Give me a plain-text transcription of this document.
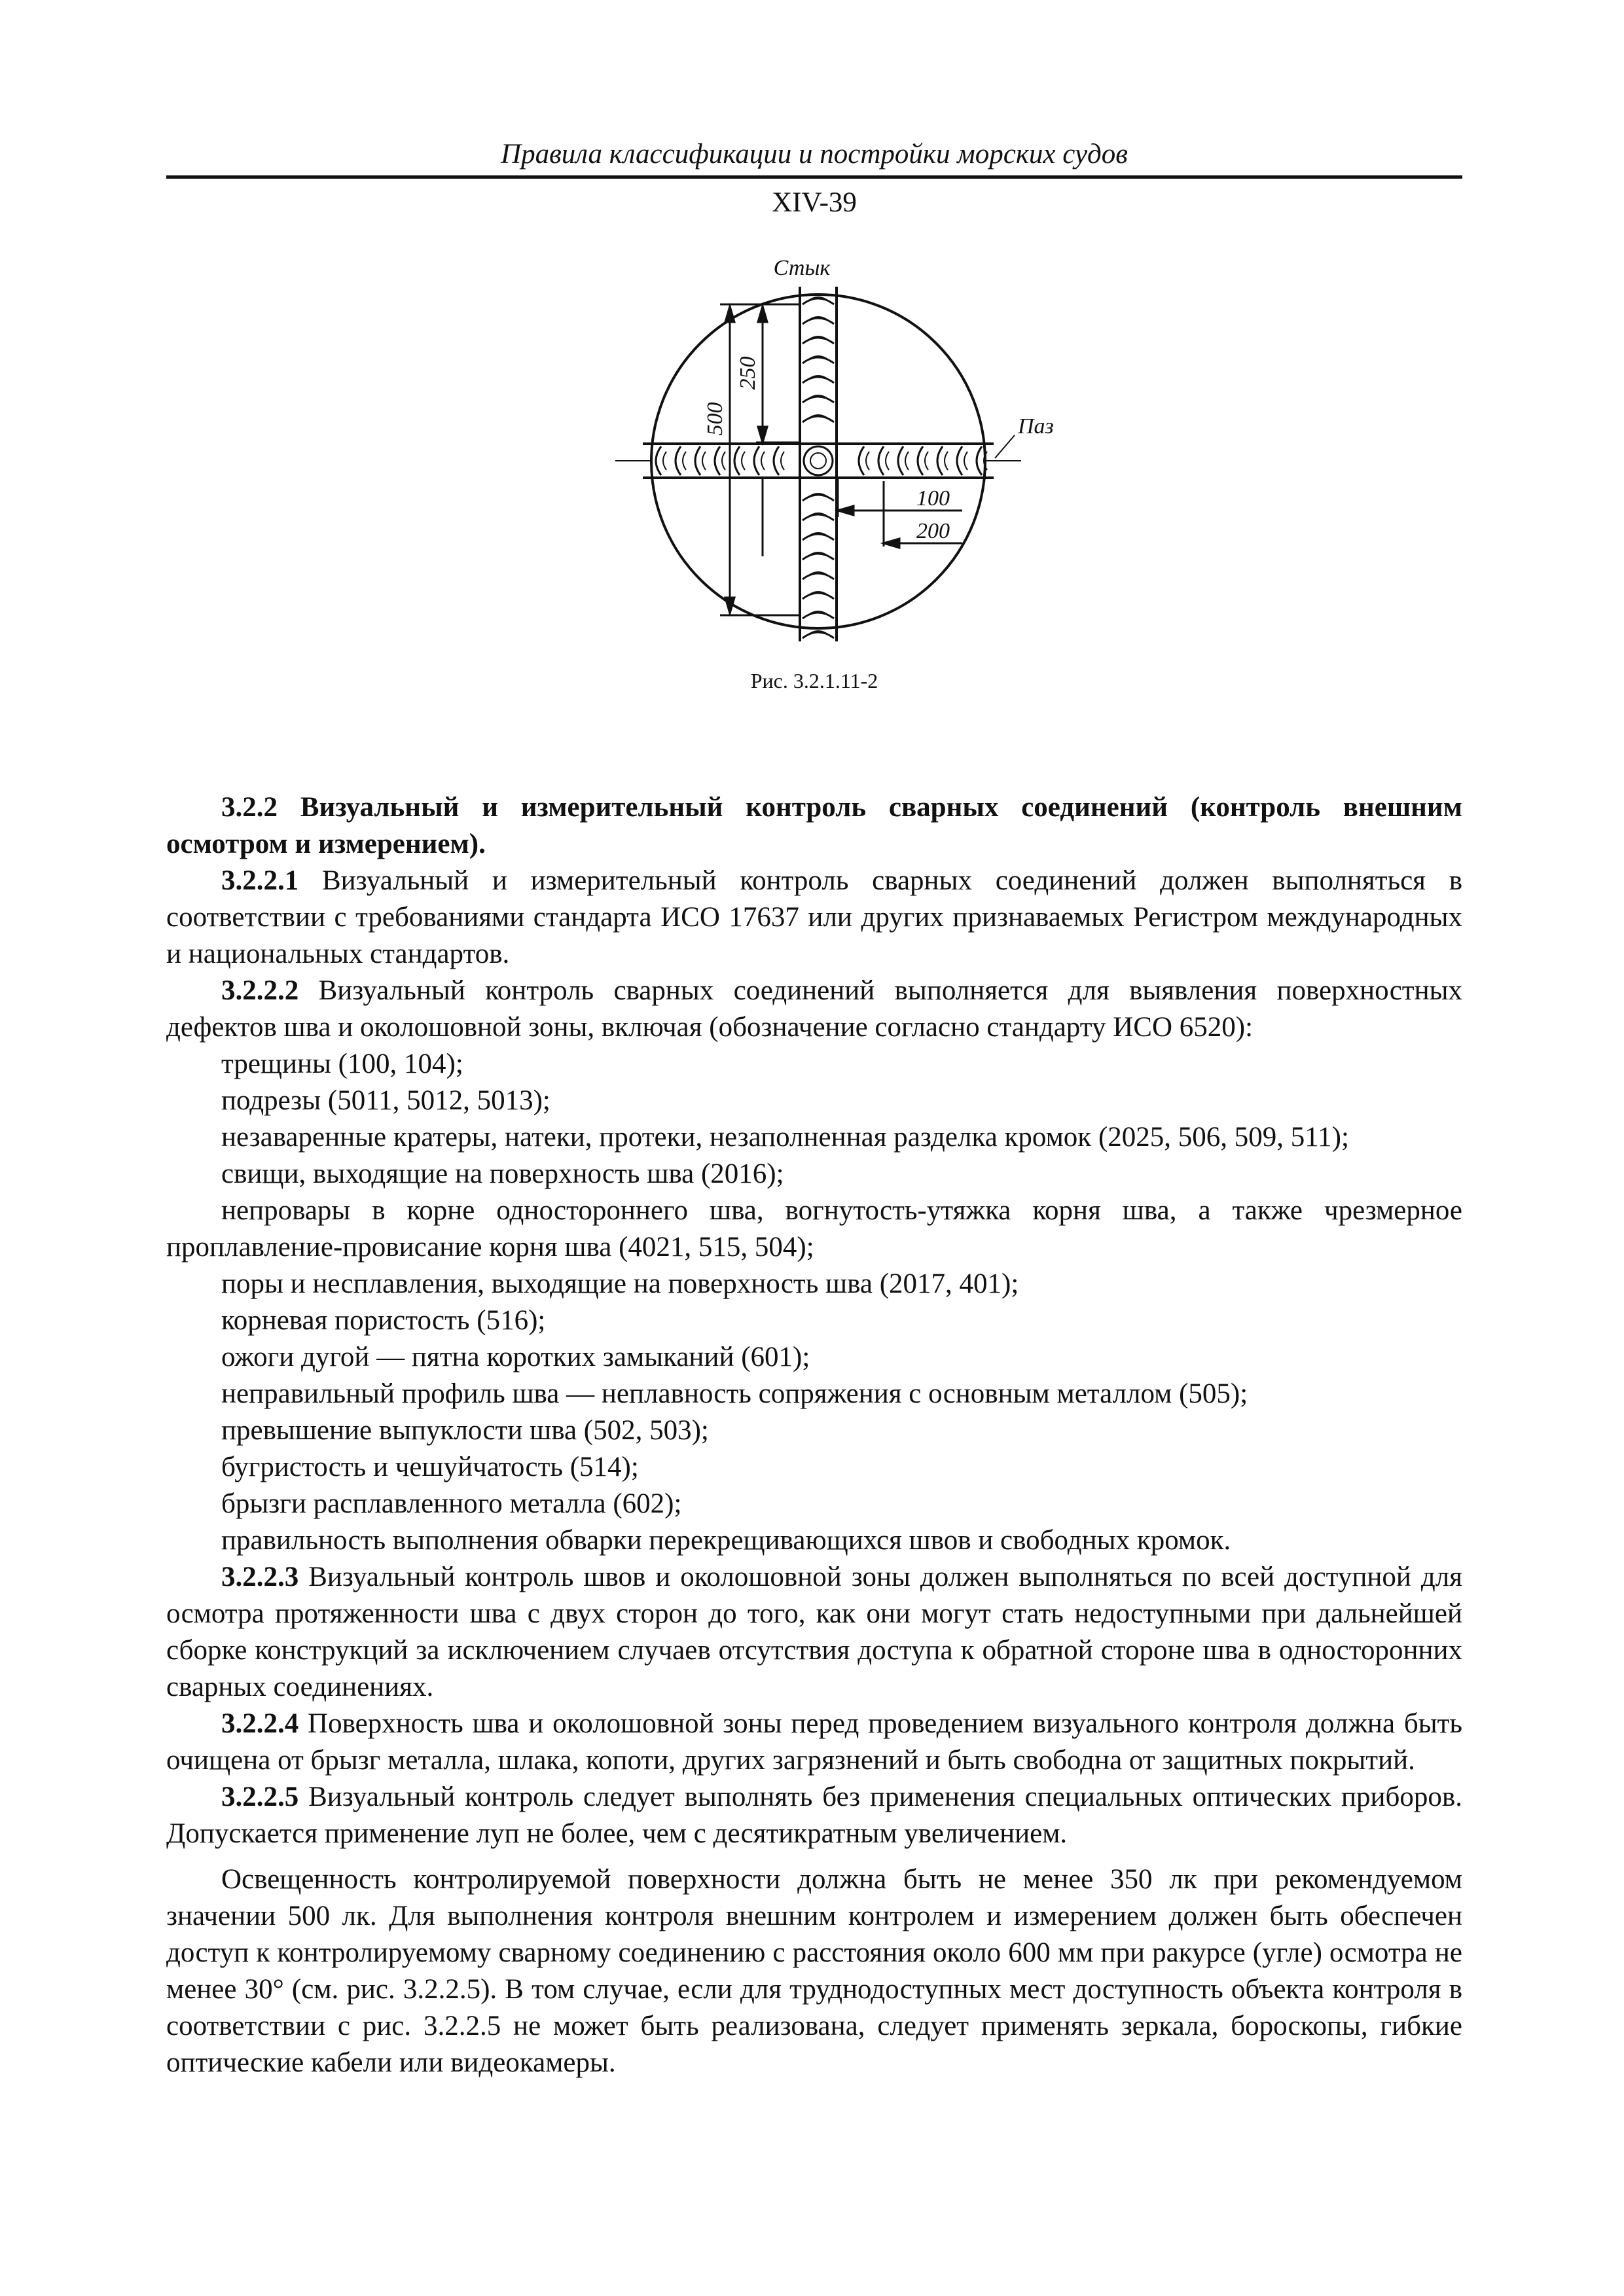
Правила классификации и постройки морских судов
XIV-39
500
250
100
200
Стык
Паз
Рис. 3.2.1.11-2

3.2.2 Визуальный и измерительный контроль сварных соединений (контроль внешним осмотром и измерением).

3.2.2.1 Визуальный и измерительный контроль сварных соединений должен выполняться в соответствии с требованиями стандарта ИСО 17637 или других признаваемых Регистром международных и национальных стандартов.

3.2.2.2 Визуальный контроль сварных соединений выполняется для выявления поверхностных дефектов шва и околошовной зоны, включая (обозначение согласно стандарту ИСО 6520):

трещины (100, 104);

подрезы (5011, 5012, 5013);

незаваренные кратеры, натеки, протеки, незаполненная разделка кромок (2025, 506, 509, 511);

свищи, выходящие на поверхность шва (2016);

непровары в корне одностороннего шва, вогнутость-утяжка корня шва, а также чрезмерное проплавление-провисание корня шва (4021, 515, 504);

поры и несплавления, выходящие на поверхность шва (2017, 401);

корневая пористость (516);

ожоги дугой — пятна коротких замыканий (601);

неправильный профиль шва — неплавность сопряжения с основным металлом (505);

превышение выпуклости шва (502, 503);

бугристость и чешуйчатость (514);

брызги расплавленного металла (602);

правильность выполнения обварки перекрещивающихся швов и свободных кромок.

3.2.2.3 Визуальный контроль швов и околошовной зоны должен выполняться по всей доступной для осмотра протяженности шва с двух сторон до того, как они могут стать недоступными при дальнейшей сборке конструкций за исключением случаев отсутствия доступа к обратной стороне шва в односторонних сварных соединениях.

3.2.2.4 Поверхность шва и околошовной зоны перед проведением визуального контроля должна быть очищена от брызг металла, шлака, копоти, других загрязнений и быть свободна от защитных покрытий.

3.2.2.5 Визуальный контроль следует выполнять без применения специальных оптических приборов. Допускается применение луп не более, чем с десятикратным увеличением.

Освещенность контролируемой поверхности должна быть не менее 350 лк при рекомендуемом значении 500 лк. Для выполнения контроля внешним контролем и измерением должен быть обеспечен доступ к контролируемому сварному соединению с расстояния около 600 мм при ракурсе (угле) осмотра не менее 30° (см. рис. 3.2.2.5). В том случае, если для труднодоступных мест доступность объекта контроля в соответствии с рис. 3.2.2.5 не может быть реализована, следует применять зеркала, бороскопы, гибкие оптические кабели или видеокамеры.
